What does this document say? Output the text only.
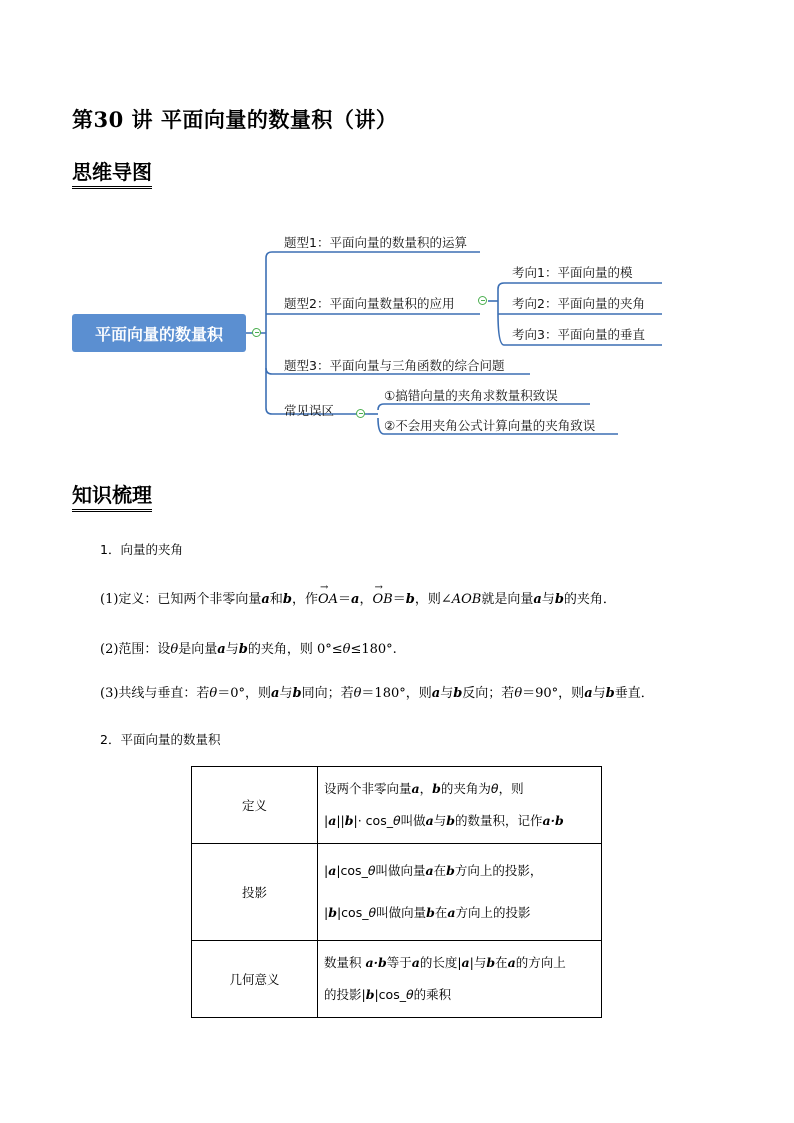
第30 讲 平面向量的数量积（讲）
思维导图
平面向量的数量积
题型1：平面向量的数量积的运算
题型2：平面向量数量积的应用
考向1：平面向量的模
考向2：平面向量的夹角
考向3：平面向量的垂直
题型3：平面向量与三角函数的综合问题
常见误区
①搞错向量的夹角求数量积致误
②不会用夹角公式计算向量的夹角致误
知识梳理
1．向量的夹角
(1)定义：已知两个非零向量a和b，作→ OA＝a，→ OB＝b，则∠AOB就是向量a与b的夹角．
(2)范围：设θ是向量a与b的夹角，则 0°≤θ≤180°.
(3)共线与垂直：若θ＝0°，则a与b同向；若θ＝180°，则a与b反向；若θ＝90°，则a与b垂直．
2．平面向量的数量积
定义	设两个非零向量a，b的夹角为θ，则
|a||b|· cos_θ叫做a与b的数量积，记作a·b

投影	|a|cos_θ叫做向量a在b方向上的投影，
|b|cos_θ叫做向量b在a方向上的投影

几何意义	数量积 a·b等于a的长度|a|与b在a的方向上
的投影|b|cos_θ的乘积
